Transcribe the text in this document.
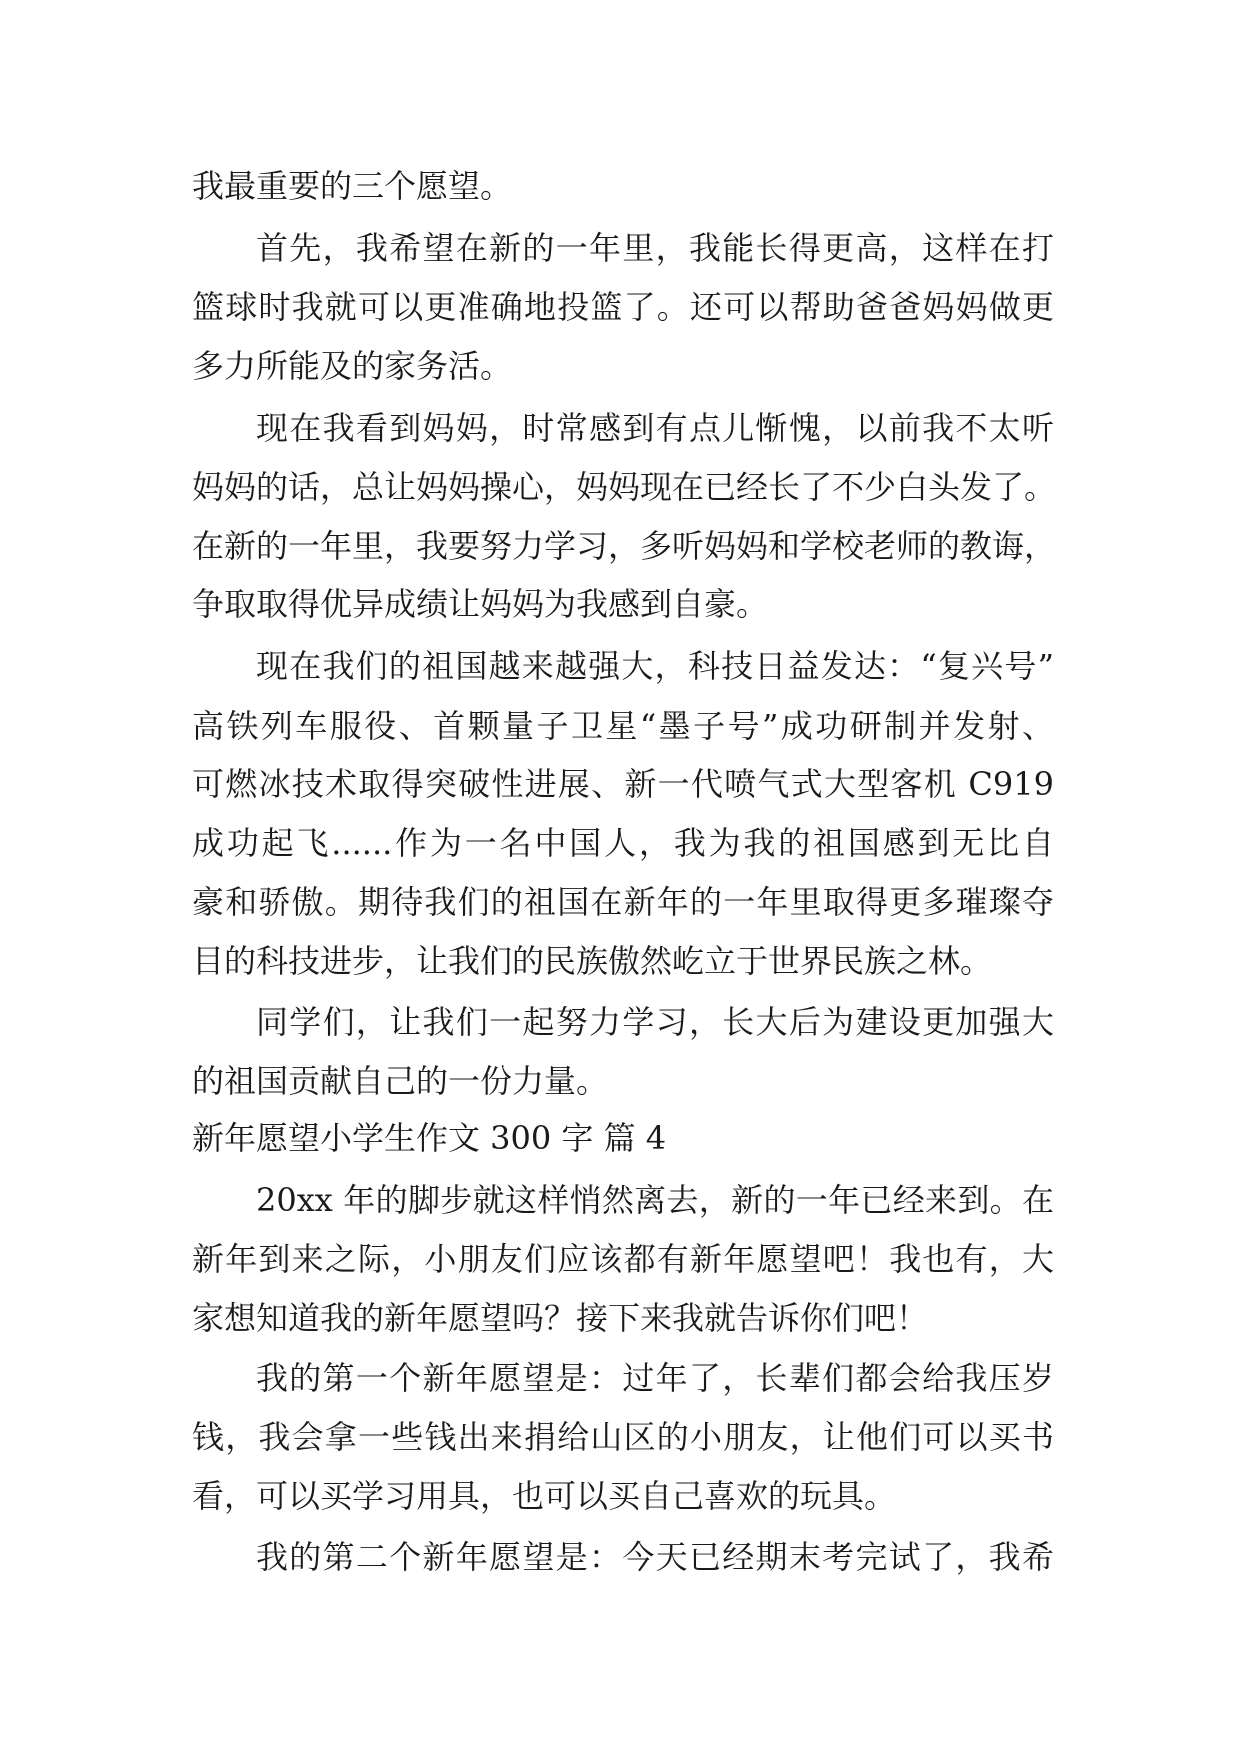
我最重要的三个愿望。
首先，我希望在新的一年里，我能长得更高，这样在打
篮球时我就可以更准确地投篮了。还可以帮助爸爸妈妈做更
多力所能及的家务活。
现在我看到妈妈，时常感到有点儿惭愧，以前我不太听
妈妈的话，总让妈妈操心，妈妈现在已经长了不少白头发了。
在新的一年里，我要努力学习，多听妈妈和学校老师的教诲，
争取取得优异成绩让妈妈为我感到自豪。
现在我们的祖国越来越强大，科技日益发达：“复兴号”
高铁列车服役、首颗量子卫星“墨子号”成功研制并发射、
可燃冰技术取得突破性进展、新一代喷气式大型客机 C919
成功起飞......作为一名中国人，我为我的祖国感到无比自
豪和骄傲。期待我们的祖国在新年的一年里取得更多璀璨夺
目的科技进步，让我们的民族傲然屹立于世界民族之林。
同学们，让我们一起努力学习，长大后为建设更加强大
的祖国贡献自己的一份力量。
新年愿望小学生作文 300 字 篇 4
20xx 年的脚步就这样悄然离去，新的一年已经来到。在
新年到来之际，小朋友们应该都有新年愿望吧！我也有，大
家想知道我的新年愿望吗？接下来我就告诉你们吧！
我的第一个新年愿望是：过年了，长辈们都会给我压岁
钱，我会拿一些钱出来捐给山区的小朋友，让他们可以买书
看，可以买学习用具，也可以买自己喜欢的玩具。
我的第二个新年愿望是：今天已经期末考完试了，我希
